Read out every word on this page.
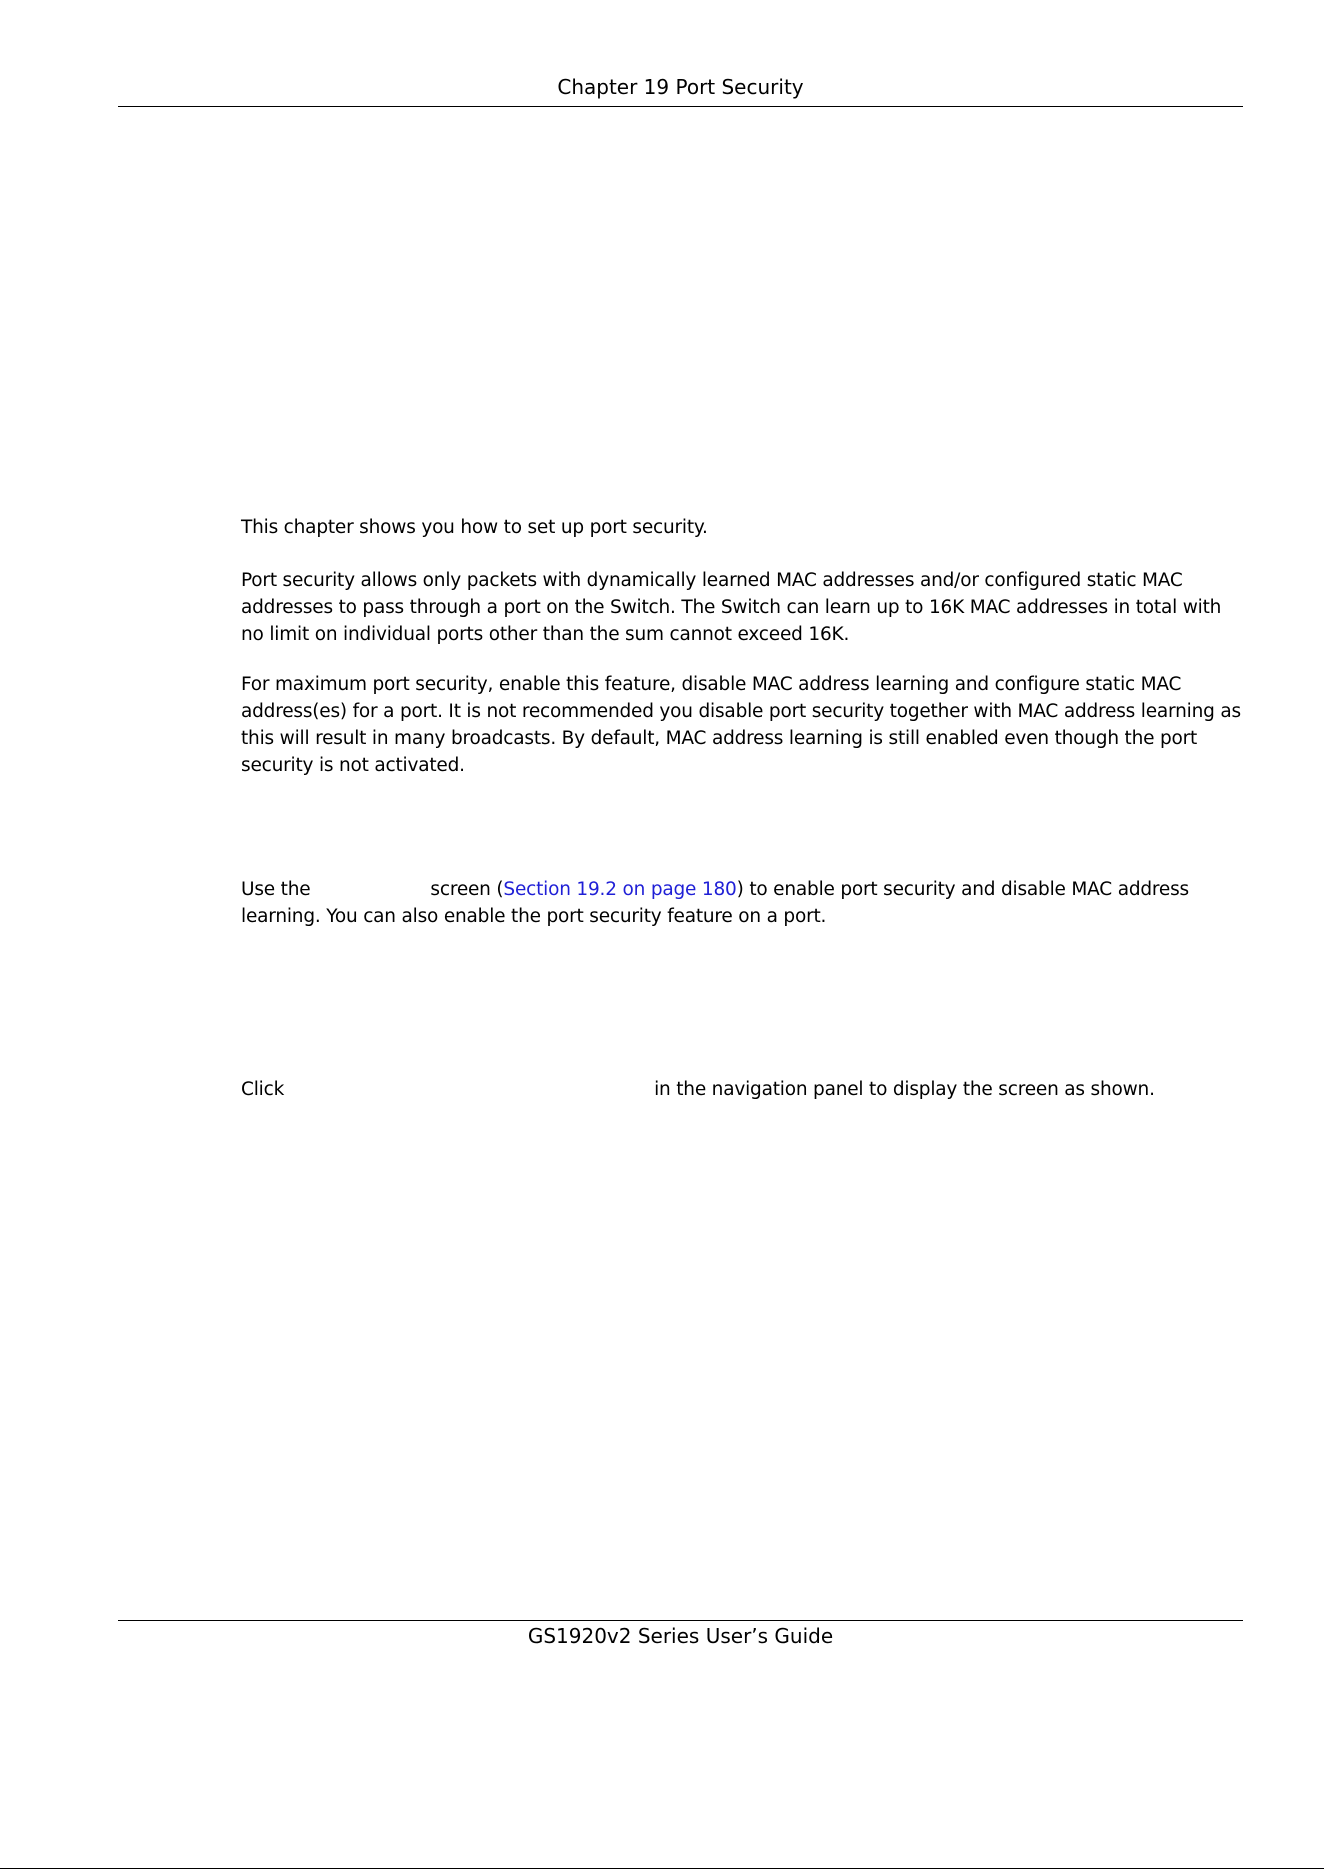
Chapter 19 Port Security
This chapter shows you how to set up port security.
Port security allows only packets with dynamically learned MAC addresses and/or configured static MAC addresses to pass through a port on the Switch. The Switch can learn up to 16K MAC addresses in total with no limit on individual ports other than the sum cannot exceed 16K.
For maximum port security, enable this feature, disable MAC address learning and configure static MAC address(es) for a port. It is not recommended you disable port security together with MAC address learning as this will result in many broadcasts. By default, MAC address learning is still enabled even though the port security is not activated.
Use the	screen (Section 19.2 on page 180) to enable port security and disable MAC address learning. You can also enable the port security feature on a port.
Click	in the navigation panel to display the screen as shown.
GS1920v2 Series User’s Guide
